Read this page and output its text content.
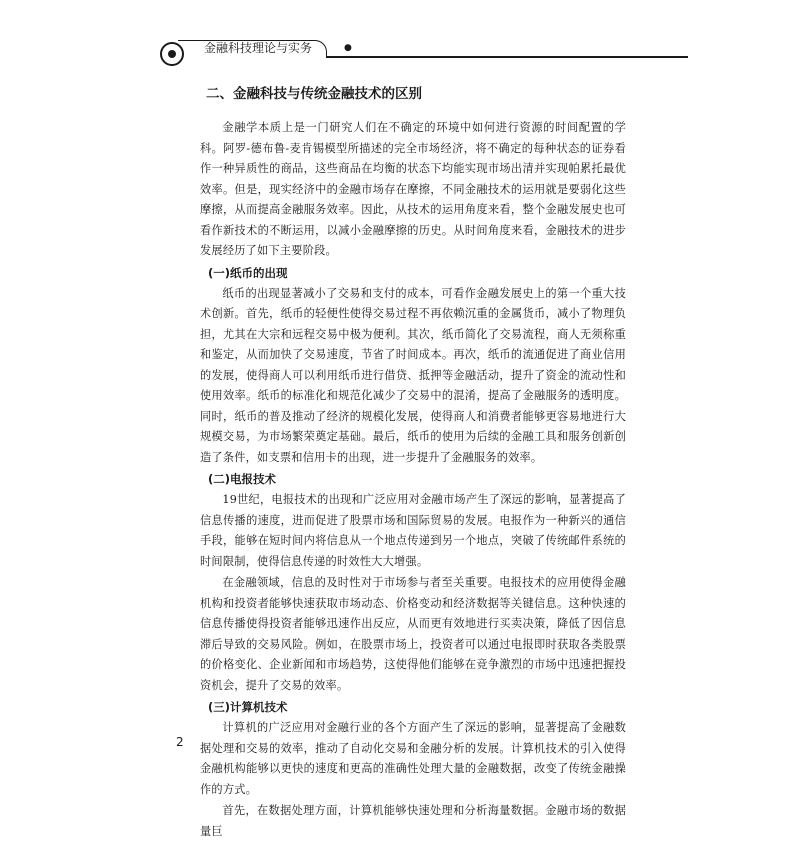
金融科技理论与实务	●
二、金融科技与传统金融技术的区别

金融学本质上是一门研究人们在不确定的环境中如何进行资源的时间配置的学科。阿罗-德布鲁-麦肯锡模型所描述的完全市场经济，将不确定的每种状态的证券看作一种异质性的商品，这些商品在均衡的状态下均能实现市场出清并实现帕累托最优效率。但是，现实经济中的金融市场存在摩擦，不同金融技术的运用就是要弱化这些摩擦，从而提高金融服务效率。因此，从技术的运用角度来看，整个金融发展史也可看作新技术的不断运用，以减小金融摩擦的历史。从时间角度来看，金融技术的进步发展经历了如下主要阶段。

(一)纸币的出现

纸币的出现显著减小了交易和支付的成本，可看作金融发展史上的第一个重大技术创新。首先，纸币的轻便性使得交易过程不再依赖沉重的金属货币，减小了物理负担，尤其在大宗和远程交易中极为便利。其次，纸币简化了交易流程，商人无须称重和鉴定，从而加快了交易速度，节省了时间成本。再次，纸币的流通促进了商业信用的发展，使得商人可以利用纸币进行借贷、抵押等金融活动，提升了资金的流动性和使用效率。纸币的标准化和规范化减少了交易中的混淆，提高了金融服务的透明度。同时，纸币的普及推动了经济的规模化发展，使得商人和消费者能够更容易地进行大规模交易，为市场繁荣奠定基础。最后，纸币的使用为后续的金融工具和服务创新创造了条件，如支票和信用卡的出现，进一步提升了金融服务的效率。

(二)电报技术

19世纪，电报技术的出现和广泛应用对金融市场产生了深远的影响，显著提高了信息传播的速度，进而促进了股票市场和国际贸易的发展。电报作为一种新兴的通信手段，能够在短时间内将信息从一个地点传递到另一个地点，突破了传统邮件系统的时间限制，使得信息传递的时效性大大增强。

在金融领域，信息的及时性对于市场参与者至关重要。电报技术的应用使得金融机构和投资者能够快速获取市场动态、价格变动和经济数据等关键信息。这种快速的信息传播使得投资者能够迅速作出反应，从而更有效地进行买卖决策，降低了因信息滞后导致的交易风险。例如，在股票市场上，投资者可以通过电报即时获取各类股票的价格变化、企业新闻和市场趋势，这使得他们能够在竞争激烈的市场中迅速把握投资机会，提升了交易的效率。

(三)计算机技术

计算机的广泛应用对金融行业的各个方面产生了深远的影响，显著提高了金融数据处理和交易的效率，推动了自动化交易和金融分析的发展。计算机技术的引入使得金融机构能够以更快的速度和更高的准确性处理大量的金融数据，改变了传统金融操作的方式。

首先，在数据处理方面，计算机能够快速处理和分析海量数据。金融市场的数据量巨

2
